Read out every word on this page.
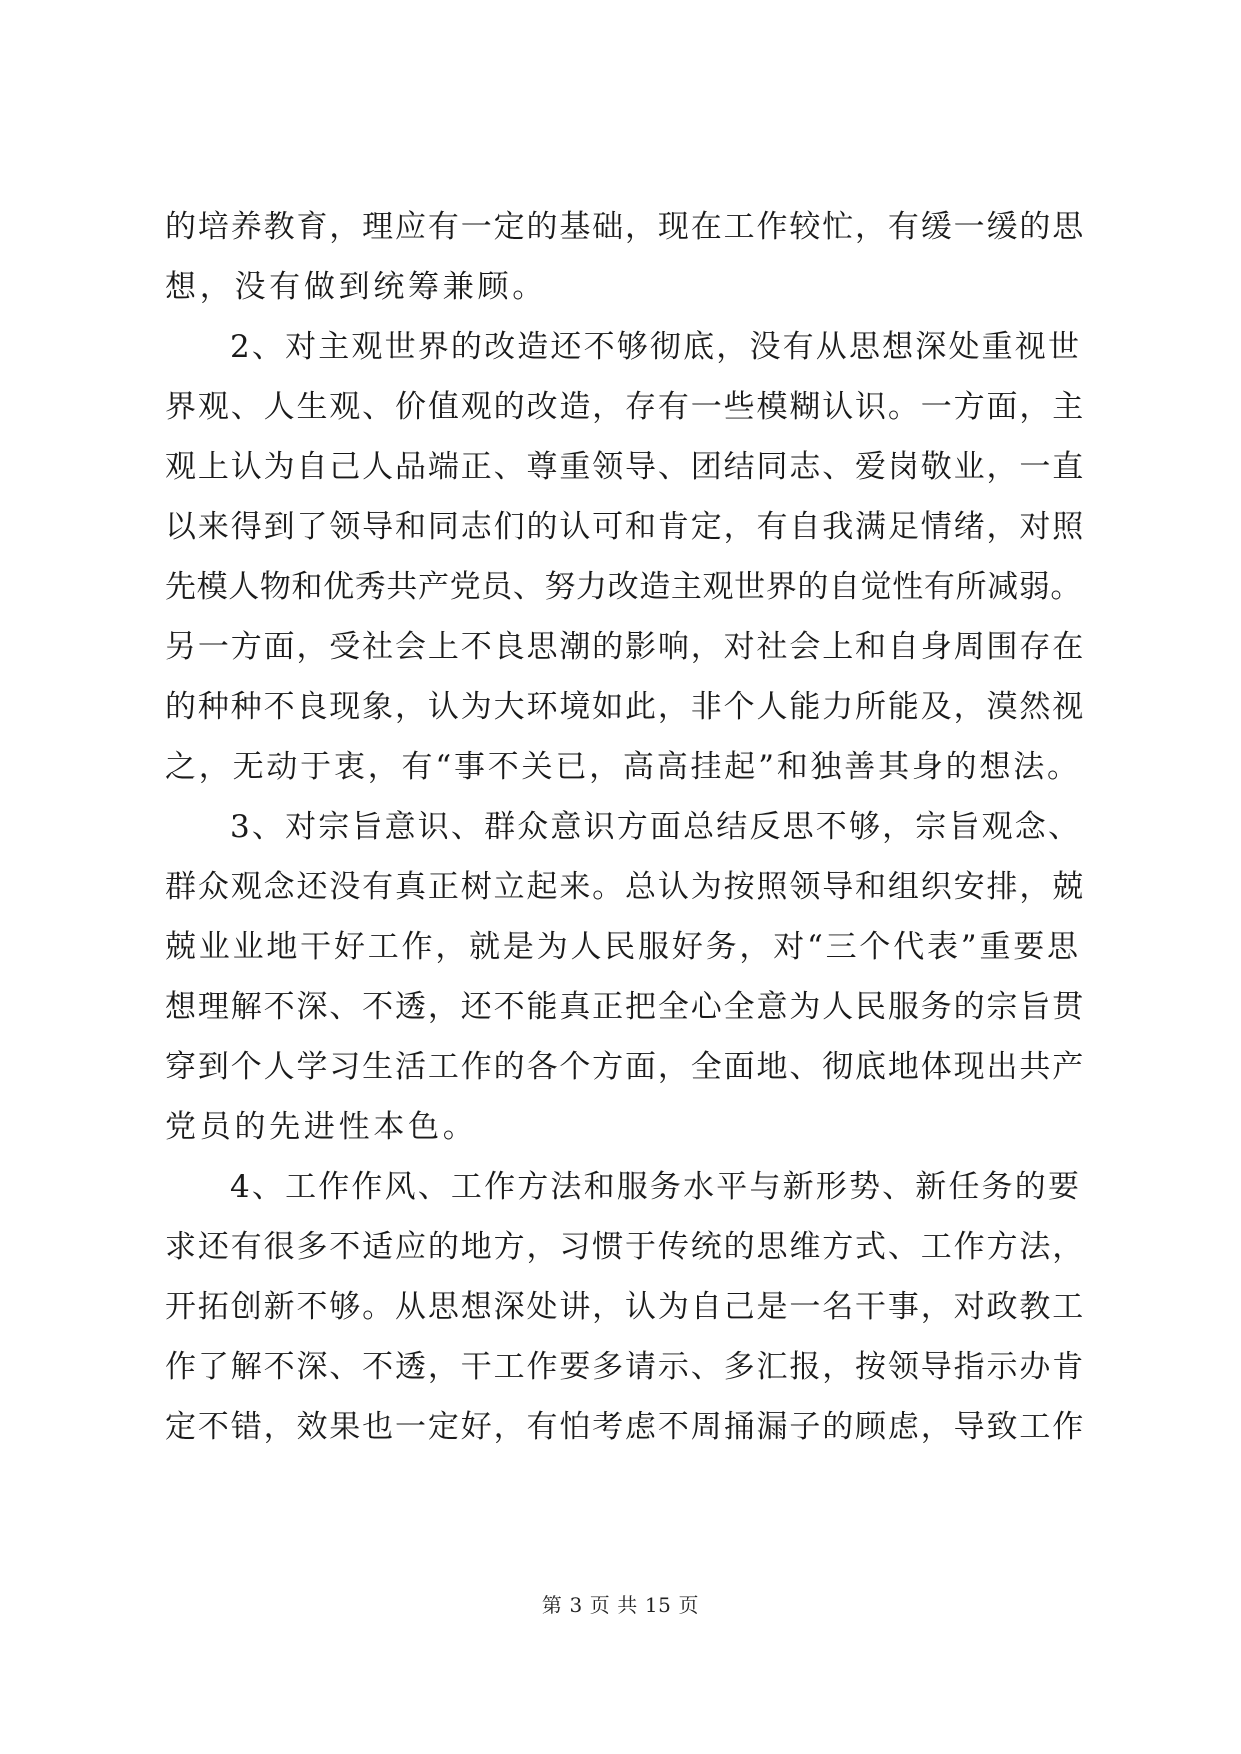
的培养教育，理应有一定的基础，现在工作较忙，有缓一缓的思
想，没有做到统筹兼顾。
2、对主观世界的改造还不够彻底，没有从思想深处重视世
界观、人生观、价值观的改造，存有一些模糊认识。一方面，主
观上认为自己人品端正、尊重领导、团结同志、爱岗敬业，一直
以来得到了领导和同志们的认可和肯定，有自我满足情绪，对照
先模人物和优秀共产党员、努力改造主观世界的自觉性有所减弱。
另一方面，受社会上不良思潮的影响，对社会上和自身周围存在
的种种不良现象，认为大环境如此，非个人能力所能及，漠然视
之，无动于衷，有“事不关已，高高挂起”和独善其身的想法。
3、对宗旨意识、群众意识方面总结反思不够，宗旨观念、
群众观念还没有真正树立起来。总认为按照领导和组织安排，兢
兢业业地干好工作，就是为人民服好务，对“三个代表”重要思
想理解不深、不透，还不能真正把全心全意为人民服务的宗旨贯
穿到个人学习生活工作的各个方面，全面地、彻底地体现出共产
党员的先进性本色。
4、工作作风、工作方法和服务水平与新形势、新任务的要
求还有很多不适应的地方，习惯于传统的思维方式、工作方法，
开拓创新不够。从思想深处讲，认为自己是一名干事，对政教工
作了解不深、不透，干工作要多请示、多汇报，按领导指示办肯
定不错，效果也一定好，有怕考虑不周捅漏子的顾虑，导致工作
第 3 页 共 15 页
